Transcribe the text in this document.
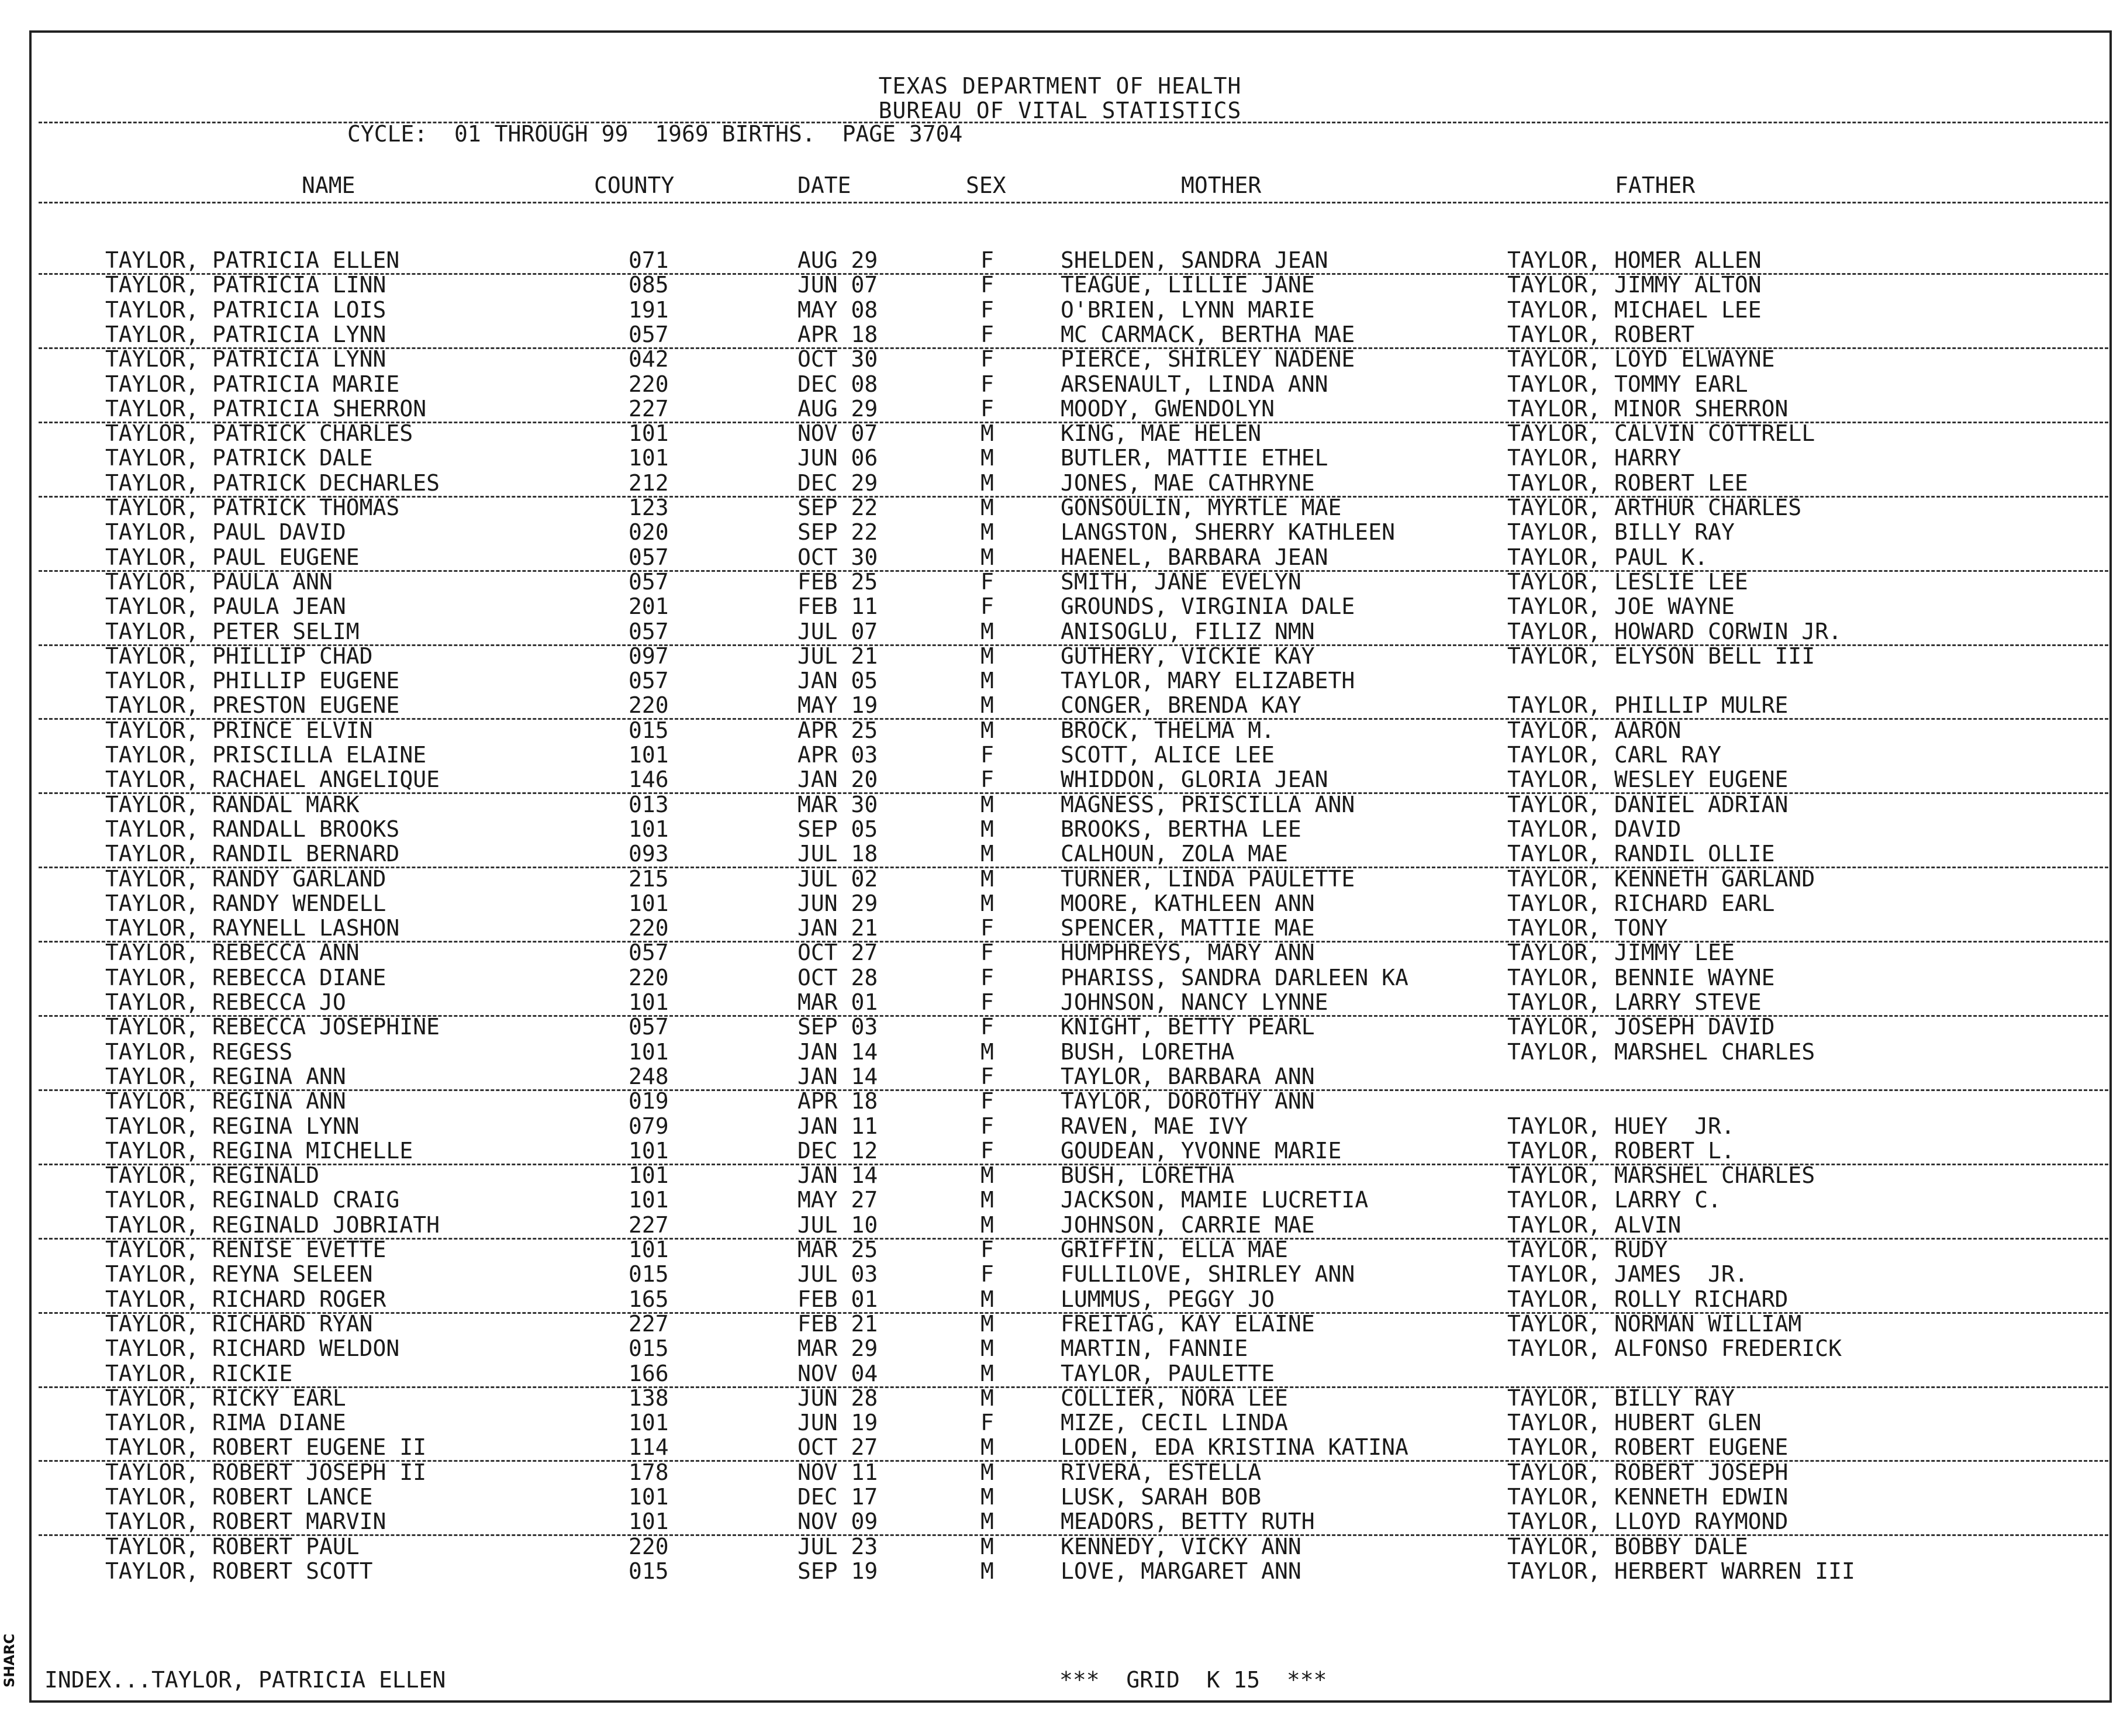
SHARC
TEXAS DEPARTMENT OF HEALTH
BUREAU OF VITAL STATISTICS
CYCLE:  01 THROUGH 99  1969 BIRTHS.  PAGE 3704
NAME	COUNTY	DATE	SEX	MOTHER	FATHER
TAYLOR, PATRICIA ELLEN	071	AUG 29	F	SHELDEN, SANDRA JEAN	TAYLOR, HOMER ALLEN
TAYLOR, PATRICIA LINN	085	JUN 07	F	TEAGUE, LILLIE JANE	TAYLOR, JIMMY ALTON
TAYLOR, PATRICIA LOIS	191	MAY 08	F	O'BRIEN, LYNN MARIE	TAYLOR, MICHAEL LEE
TAYLOR, PATRICIA LYNN	057	APR 18	F	MC CARMACK, BERTHA MAE	TAYLOR, ROBERT
TAYLOR, PATRICIA LYNN	042	OCT 30	F	PIERCE, SHIRLEY NADENE	TAYLOR, LOYD ELWAYNE
TAYLOR, PATRICIA MARIE	220	DEC 08	F	ARSENAULT, LINDA ANN	TAYLOR, TOMMY EARL
TAYLOR, PATRICIA SHERRON	227	AUG 29	F	MOODY, GWENDOLYN	TAYLOR, MINOR SHERRON
TAYLOR, PATRICK CHARLES	101	NOV 07	M	KING, MAE HELEN	TAYLOR, CALVIN COTTRELL
TAYLOR, PATRICK DALE	101	JUN 06	M	BUTLER, MATTIE ETHEL	TAYLOR, HARRY
TAYLOR, PATRICK DECHARLES	212	DEC 29	M	JONES, MAE CATHRYNE	TAYLOR, ROBERT LEE
TAYLOR, PATRICK THOMAS	123	SEP 22	M	GONSOULIN, MYRTLE MAE	TAYLOR, ARTHUR CHARLES
TAYLOR, PAUL DAVID	020	SEP 22	M	LANGSTON, SHERRY KATHLEEN	TAYLOR, BILLY RAY
TAYLOR, PAUL EUGENE	057	OCT 30	M	HAENEL, BARBARA JEAN	TAYLOR, PAUL K.
TAYLOR, PAULA ANN	057	FEB 25	F	SMITH, JANE EVELYN	TAYLOR, LESLIE LEE
TAYLOR, PAULA JEAN	201	FEB 11	F	GROUNDS, VIRGINIA DALE	TAYLOR, JOE WAYNE
TAYLOR, PETER SELIM	057	JUL 07	M	ANISOGLU, FILIZ NMN	TAYLOR, HOWARD CORWIN JR.
TAYLOR, PHILLIP CHAD	097	JUL 21	M	GUTHERY, VICKIE KAY	TAYLOR, ELYSON BELL III
TAYLOR, PHILLIP EUGENE	057	JAN 05	M	TAYLOR, MARY ELIZABETH
TAYLOR, PRESTON EUGENE	220	MAY 19	M	CONGER, BRENDA KAY	TAYLOR, PHILLIP MULRE
TAYLOR, PRINCE ELVIN	015	APR 25	M	BROCK, THELMA M.	TAYLOR, AARON
TAYLOR, PRISCILLA ELAINE	101	APR 03	F	SCOTT, ALICE LEE	TAYLOR, CARL RAY
TAYLOR, RACHAEL ANGELIQUE	146	JAN 20	F	WHIDDON, GLORIA JEAN	TAYLOR, WESLEY EUGENE
TAYLOR, RANDAL MARK	013	MAR 30	M	MAGNESS, PRISCILLA ANN	TAYLOR, DANIEL ADRIAN
TAYLOR, RANDALL BROOKS	101	SEP 05	M	BROOKS, BERTHA LEE	TAYLOR, DAVID
TAYLOR, RANDIL BERNARD	093	JUL 18	M	CALHOUN, ZOLA MAE	TAYLOR, RANDIL OLLIE
TAYLOR, RANDY GARLAND	215	JUL 02	M	TURNER, LINDA PAULETTE	TAYLOR, KENNETH GARLAND
TAYLOR, RANDY WENDELL	101	JUN 29	M	MOORE, KATHLEEN ANN	TAYLOR, RICHARD EARL
TAYLOR, RAYNELL LASHON	220	JAN 21	F	SPENCER, MATTIE MAE	TAYLOR, TONY
TAYLOR, REBECCA ANN	057	OCT 27	F	HUMPHREYS, MARY ANN	TAYLOR, JIMMY LEE
TAYLOR, REBECCA DIANE	220	OCT 28	F	PHARISS, SANDRA DARLEEN KA	TAYLOR, BENNIE WAYNE
TAYLOR, REBECCA JO	101	MAR 01	F	JOHNSON, NANCY LYNNE	TAYLOR, LARRY STEVE
TAYLOR, REBECCA JOSEPHINE	057	SEP 03	F	KNIGHT, BETTY PEARL	TAYLOR, JOSEPH DAVID
TAYLOR, REGESS	101	JAN 14	M	BUSH, LORETHA	TAYLOR, MARSHEL CHARLES
TAYLOR, REGINA ANN	248	JAN 14	F	TAYLOR, BARBARA ANN
TAYLOR, REGINA ANN	019	APR 18	F	TAYLOR, DOROTHY ANN
TAYLOR, REGINA LYNN	079	JAN 11	F	RAVEN, MAE IVY	TAYLOR, HUEY  JR.
TAYLOR, REGINA MICHELLE	101	DEC 12	F	GOUDEAN, YVONNE MARIE	TAYLOR, ROBERT L.
TAYLOR, REGINALD	101	JAN 14	M	BUSH, LORETHA	TAYLOR, MARSHEL CHARLES
TAYLOR, REGINALD CRAIG	101	MAY 27	M	JACKSON, MAMIE LUCRETIA	TAYLOR, LARRY C.
TAYLOR, REGINALD JOBRIATH	227	JUL 10	M	JOHNSON, CARRIE MAE	TAYLOR, ALVIN
TAYLOR, RENISE EVETTE	101	MAR 25	F	GRIFFIN, ELLA MAE	TAYLOR, RUDY
TAYLOR, REYNA SELEEN	015	JUL 03	F	FULLILOVE, SHIRLEY ANN	TAYLOR, JAMES  JR.
TAYLOR, RICHARD ROGER	165	FEB 01	M	LUMMUS, PEGGY JO	TAYLOR, ROLLY RICHARD
TAYLOR, RICHARD RYAN	227	FEB 21	M	FREITAG, KAY ELAINE	TAYLOR, NORMAN WILLIAM
TAYLOR, RICHARD WELDON	015	MAR 29	M	MARTIN, FANNIE	TAYLOR, ALFONSO FREDERICK
TAYLOR, RICKIE	166	NOV 04	M	TAYLOR, PAULETTE
TAYLOR, RICKY EARL	138	JUN 28	M	COLLIER, NORA LEE	TAYLOR, BILLY RAY
TAYLOR, RIMA DIANE	101	JUN 19	F	MIZE, CECIL LINDA	TAYLOR, HUBERT GLEN
TAYLOR, ROBERT EUGENE II	114	OCT 27	M	LODEN, EDA KRISTINA KATINA	TAYLOR, ROBERT EUGENE
TAYLOR, ROBERT JOSEPH II	178	NOV 11	M	RIVERA, ESTELLA	TAYLOR, ROBERT JOSEPH
TAYLOR, ROBERT LANCE	101	DEC 17	M	LUSK, SARAH BOB	TAYLOR, KENNETH EDWIN
TAYLOR, ROBERT MARVIN	101	NOV 09	M	MEADORS, BETTY RUTH	TAYLOR, LLOYD RAYMOND
TAYLOR, ROBERT PAUL	220	JUL 23	M	KENNEDY, VICKY ANN	TAYLOR, BOBBY DALE
TAYLOR, ROBERT SCOTT	015	SEP 19	M	LOVE, MARGARET ANN	TAYLOR, HERBERT WARREN III
INDEX...TAYLOR, PATRICIA ELLEN	***  GRID  K 15  ***
